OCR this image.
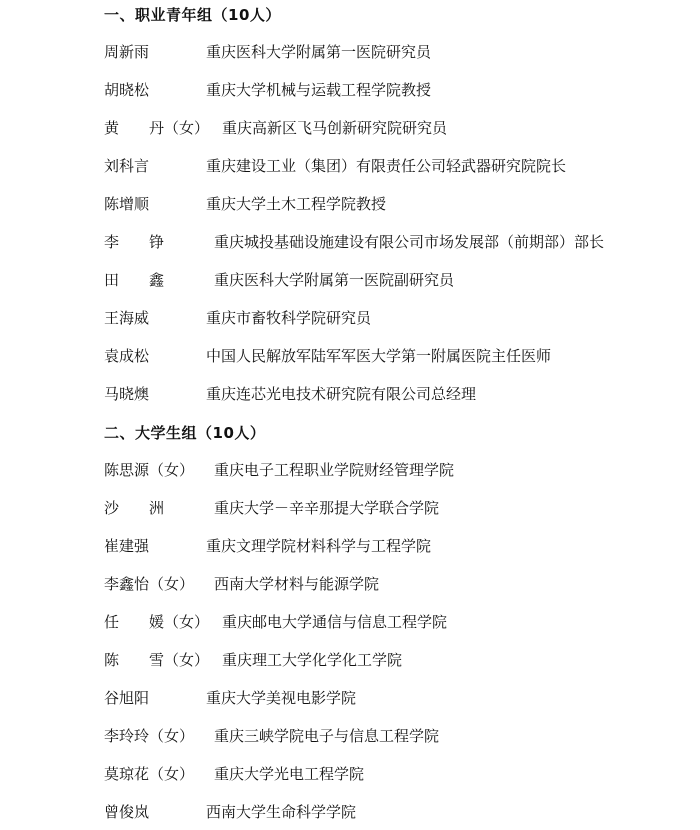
一、职业青年组（10人）
周新雨	重庆医科大学附属第一医院研究员
胡晓松	重庆大学机械与运载工程学院教授
黄　　丹（女） 重庆高新区飞马创新研究院研究员
刘科言	重庆建设工业（集团）有限责任公司轻武器研究院院长
陈增顺	重庆大学土木工程学院教授
李　　铮	重庆城投基础设施建设有限公司市场发展部（前期部）部长
田　　鑫	重庆医科大学附属第一医院副研究员
王海威	重庆市畜牧科学院研究员
袁成松	中国人民解放军陆军军医大学第一附属医院主任医师
马晓燠	重庆连芯光电技术研究院有限公司总经理
二、大学生组（10人）
陈思源（女） 重庆电子工程职业学院财经管理学院
沙　　洲	重庆大学－辛辛那提大学联合学院
崔建强	重庆文理学院材料科学与工程学院
李鑫怡（女） 西南大学材料与能源学院
任　　媛（女） 重庆邮电大学通信与信息工程学院
陈　　雪（女） 重庆理工大学化学化工学院
谷旭阳	重庆大学美视电影学院
李玲玲（女） 重庆三峡学院电子与信息工程学院
莫琼花（女） 重庆大学光电工程学院
曾俊岚	西南大学生命科学学院
